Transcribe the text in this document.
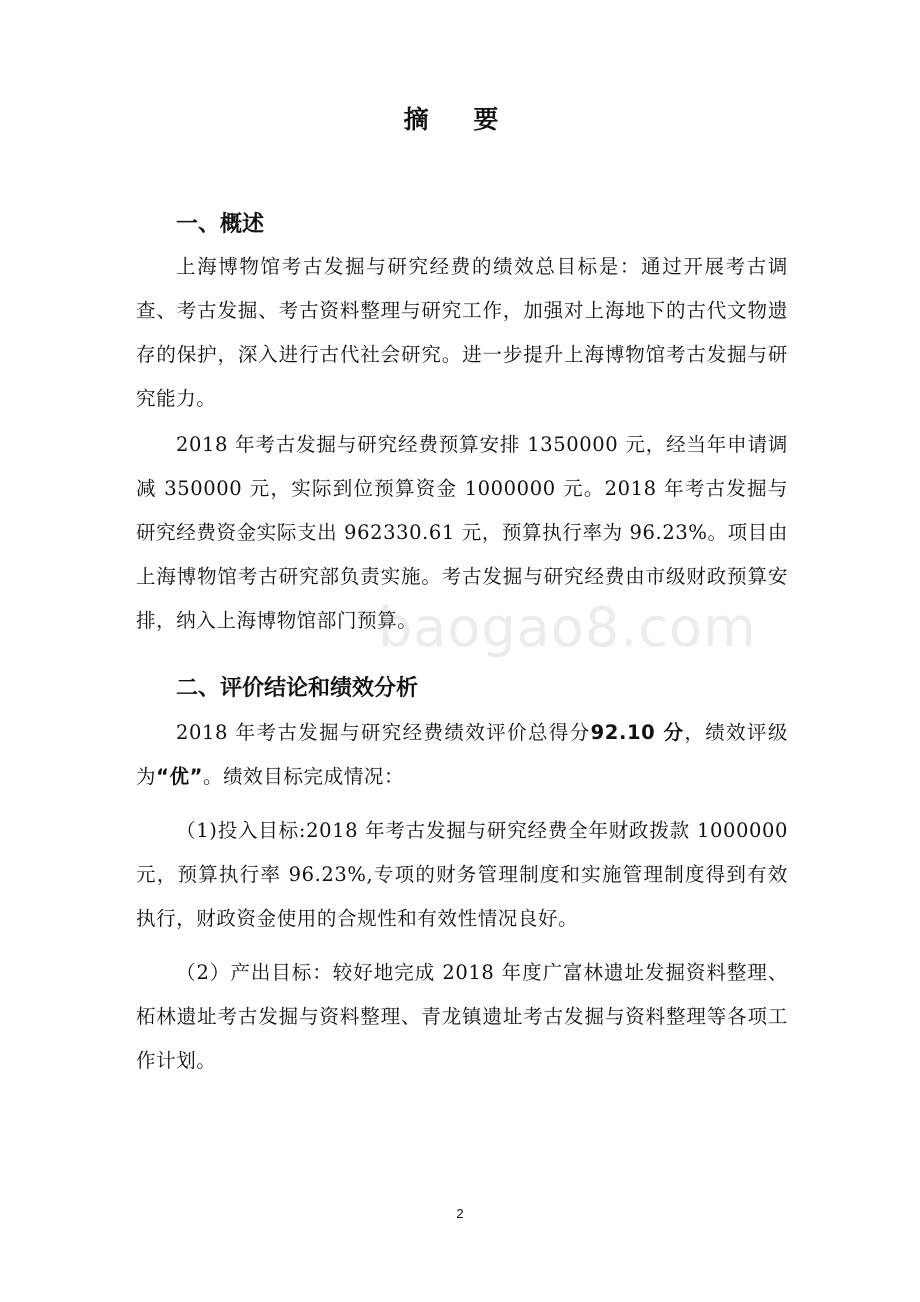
摘 要
一、概述
上海博物馆考古发掘与研究经费的绩效总目标是：通过开展考古调查、考古发掘、考古资料整理与研究工作，加强对上海地下的古代文物遗存的保护，深入进行古代社会研究。进一步提升上海博物馆考古发掘与研究能力。
2018 年考古发掘与研究经费预算安排 1350000 元，经当年申请调减 350000 元，实际到位预算资金 1000000 元。2018 年考古发掘与研究经费资金实际支出 962330.61 元，预算执行率为 96.23%。项目由上海博物馆考古研究部负责实施。考古发掘与研究经费由市级财政预算安排，纳入上海博物馆部门预算。
二、评价结论和绩效分析
2018 年考古发掘与研究经费绩效评价总得分92.10 分，绩效评级为“优”。绩效目标完成情况：
（1)投入目标:2018 年考古发掘与研究经费全年财政拨款 1000000 元，预算执行率 96.23%,专项的财务管理制度和实施管理制度得到有效执行，财政资金使用的合规性和有效性情况良好。
（2）产出目标：较好地完成 2018 年度广富林遗址发掘资料整理、柘林遗址考古发掘与资料整理、青龙镇遗址考古发掘与资料整理等各项工作计划。
baogao8.com
2
